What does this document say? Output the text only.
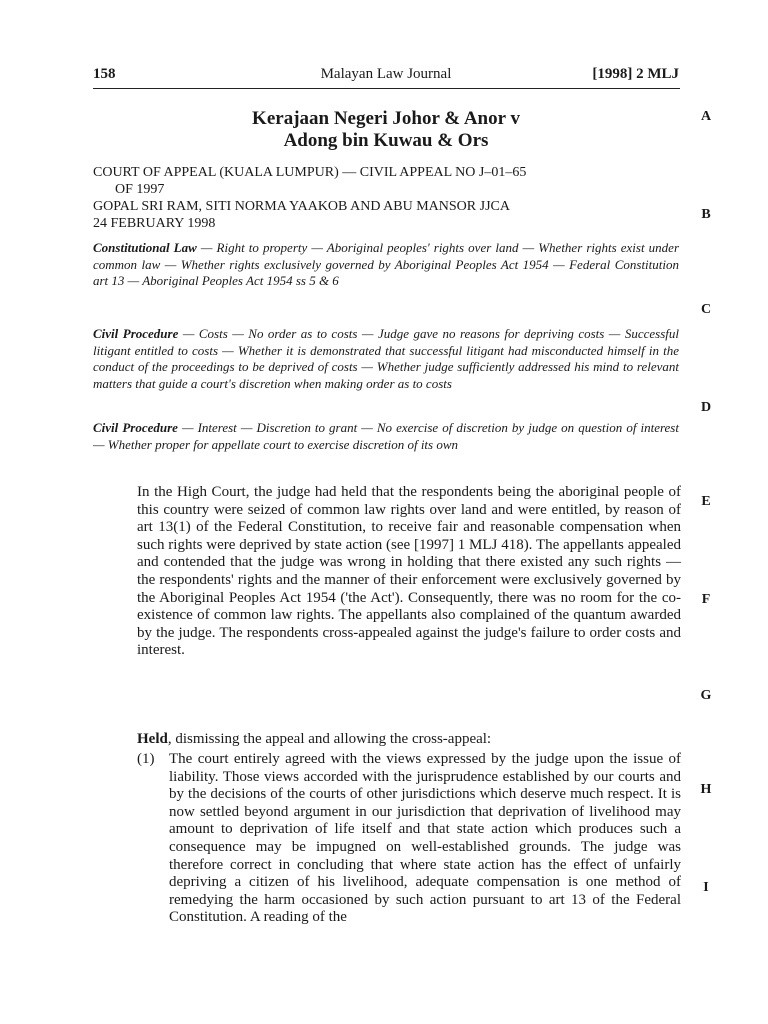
158	Malayan Law Journal	[1998] 2 MLJ
Kerajaan Negeri Johor & Anor v
Adong bin Kuwau & Ors
COURT OF APPEAL (KUALA LUMPUR) — CIVIL APPEAL NO J–01–65
OF 1997
GOPAL SRI RAM, SITI NORMA YAAKOB AND ABU MANSOR JJCA
24 FEBRUARY 1998
Constitutional Law — Right to property — Aboriginal peoples' rights over land — Whether rights exist under common law — Whether rights exclusively governed by Aboriginal Peoples Act 1954 — Federal Constitution art 13 — Aboriginal Peoples Act 1954 ss 5 & 6
Civil Procedure — Costs — No order as to costs — Judge gave no reasons for depriving costs — Successful litigant entitled to costs — Whether it is demonstrated that successful litigant had misconducted himself in the conduct of the proceedings to be deprived of costs — Whether judge sufficiently addressed his mind to relevant matters that guide a court's discretion when making order as to costs
Civil Procedure — Interest — Discretion to grant — No exercise of discretion by judge on question of interest — Whether proper for appellate court to exercise discretion of its own
In the High Court, the judge had held that the respondents being the aboriginal people of this country were seized of common law rights over land and were entitled, by reason of art 13(1) of the Federal Constitution, to receive fair and reasonable compensation when such rights were deprived by state action (see [1997] 1 MLJ 418). The appellants appealed and contended that the judge was wrong in holding that there existed any such rights — the respondents' rights and the manner of their enforcement were exclusively governed by the Aboriginal Peoples Act 1954 ('the Act'). Consequently, there was no room for the co-existence of common law rights. The appellants also complained of the quantum awarded by the judge. The respondents cross-appealed against the judge's failure to order costs and interest.
Held, dismissing the appeal and allowing the cross-appeal:
(1) The court entirely agreed with the views expressed by the judge upon the issue of liability. Those views accorded with the jurisprudence established by our courts and by the decisions of the courts of other jurisdictions which deserve much respect. It is now settled beyond argument in our jurisdiction that deprivation of livelihood may amount to deprivation of life itself and that state action which produces such a consequence may be impugned on well-established grounds. The judge was therefore correct in concluding that where state action has the effect of unfairly depriving a citizen of his livelihood, adequate compensation is one method of remedying the harm occasioned by such action pursuant to art 13 of the Federal Constitution. A reading of the
A
B
C
D
E
F
G
H
I
